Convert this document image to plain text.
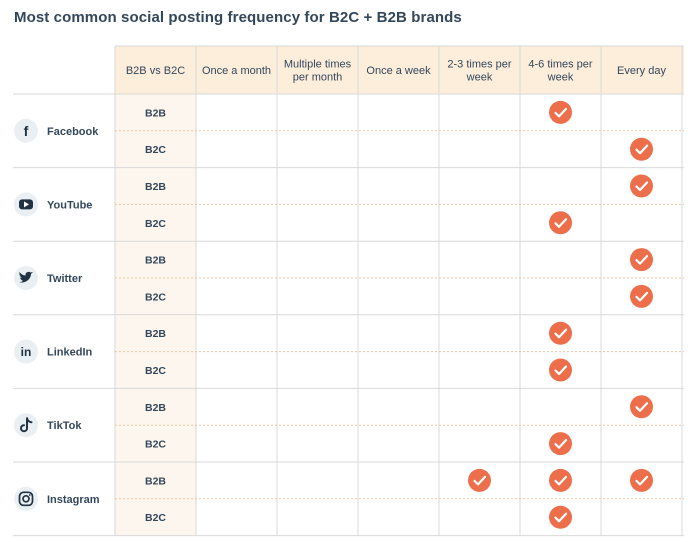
Most common social posting frequency for B2C + B2B brands
B2B vs B2C Once a month
Multiple times per month
Once a week
2-3 times per week
4-6 times per week
Every day
f Facebook
B2B
B2C
YouTube
B2B
B2C
Twitter
B2B
B2C
in LinkedIn
B2B
B2C
TikTok
B2B
B2C
Instagram
B2B
B2C
